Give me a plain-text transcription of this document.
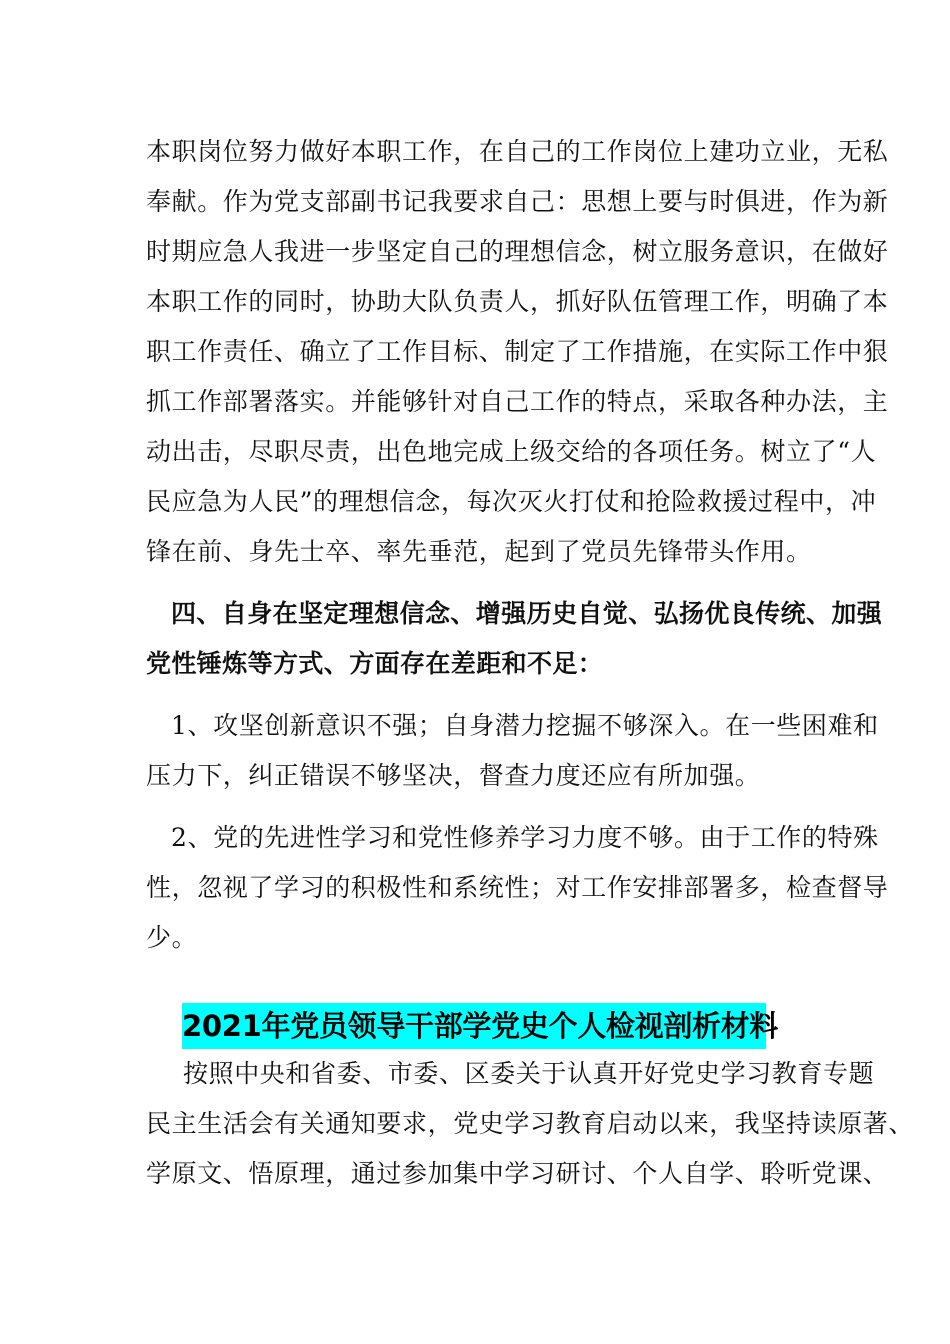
本职岗位努力做好本职工作，在自己的工作岗位上建功立业，无私
奉献。作为党支部副书记我要求自己：思想上要与时俱进，作为新
时期应急人我进一步坚定自己的理想信念，树立服务意识，在做好
本职工作的同时，协助大队负责人，抓好队伍管理工作，明确了本
职工作责任、确立了工作目标、制定了工作措施，在实际工作中狠
抓工作部署落实。并能够针对自己工作的特点，采取各种办法，主
动出击，尽职尽责，出色地完成上级交给的各项任务。树立了“人
民应急为人民”的理想信念，每次灭火打仗和抢险救援过程中，冲
锋在前、身先士卒、率先垂范，起到了党员先锋带头作用。
四、自身在坚定理想信念、增强历史自觉、弘扬优良传统、加强
党性锤炼等方式、方面存在差距和不足：
1、攻坚创新意识不强；自身潜力挖掘不够深入。在一些困难和
压力下，纠正错误不够坚决，督查力度还应有所加强。
2、党的先进性学习和党性修养学习力度不够。由于工作的特殊
性，忽视了学习的积极性和系统性；对工作安排部署多，检查督导
少。
2021年党员领导干部学党史个人检视剖析材料
按照中央和省委、市委、区委关于认真开好党史学习教育专题
民主生活会有关通知要求，党史学习教育启动以来，我坚持读原著、
学原文、悟原理，通过参加集中学习研讨、个人自学、聆听党课、
